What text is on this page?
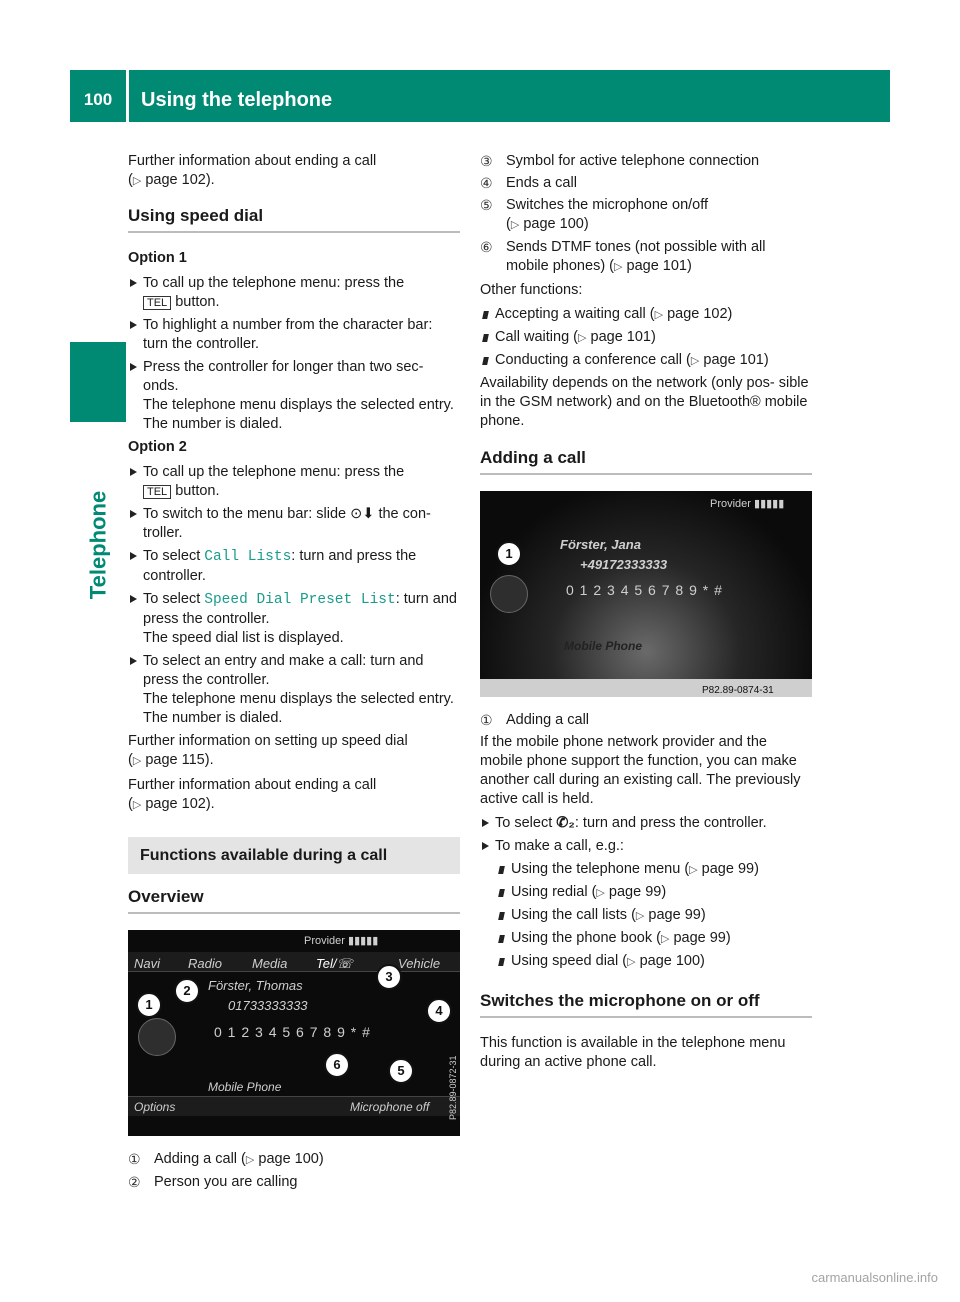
100	Using the telephone
Telephone

Further information about ending a call
(▷ page 102).

Using speed dial
Option 1
To call up the telephone menu: press the
TEL button.
To highlight a number from the character bar: turn the controller.
Press the controller for longer than two sec- onds.
The telephone menu displays the selected entry. The number is dialed.
Option 2
To call up the telephone menu: press the
TEL button.
To switch to the menu bar: slide ⊙⬇ the con- troller.
To select Call Lists: turn and press the controller.
To select Speed Dial Preset List: turn and press the controller.
The speed dial list is displayed.
To select an entry and make a call: turn and press the controller.
The telephone menu displays the selected entry. The number is dialed.

Further information on setting up speed dial
(▷ page 115).

Further information about ending a call
(▷ page 102).

Functions available during a call
Overview
Provider ▮▮▮▮▮
Navi Radio Media Tel/☏	Vehicle
Förster, Thomas
01733333333
0 1 2 3 4 5 6 7 8 9 * #
Mobile Phone
Options	Microphone off	P82.89-0872-31
1
2
3
4
5
6
① Adding a call (▷ page 100)
② Person you are calling
③ Symbol for active telephone connection
④ Ends a call
⑤ Switches the microphone on/off
(▷ page 100)
⑥ Sends DTMF tones (not possible with all mobile phones) (▷ page 101)

Other functions:

Accepting a waiting call (▷ page 102)
Call waiting (▷ page 101)
Conducting a conference call (▷ page 101)

Availability depends on the network (only pos- sible in the GSM network) and on the Bluetooth® mobile phone.

Adding a call
Provider ▮▮▮▮▮
Förster, Jana
+49172333333
0 1 2 3 4 5 6 7 8 9 * #
Mobile Phone
P82.89-0874-31
1
① Adding a call

If the mobile phone network provider and the mobile phone support the function, you can make another call during an existing call. The previously active call is held.

To select ✆₂: turn and press the controller.
To make a call, e.g.:
Using the telephone menu (▷ page 99)
Using redial (▷ page 99)
Using the call lists (▷ page 99)
Using the phone book (▷ page 99)
Using speed dial (▷ page 100)
Switches the microphone on or off

This function is available in the telephone menu during an active phone call.

carmanualsonline.info
